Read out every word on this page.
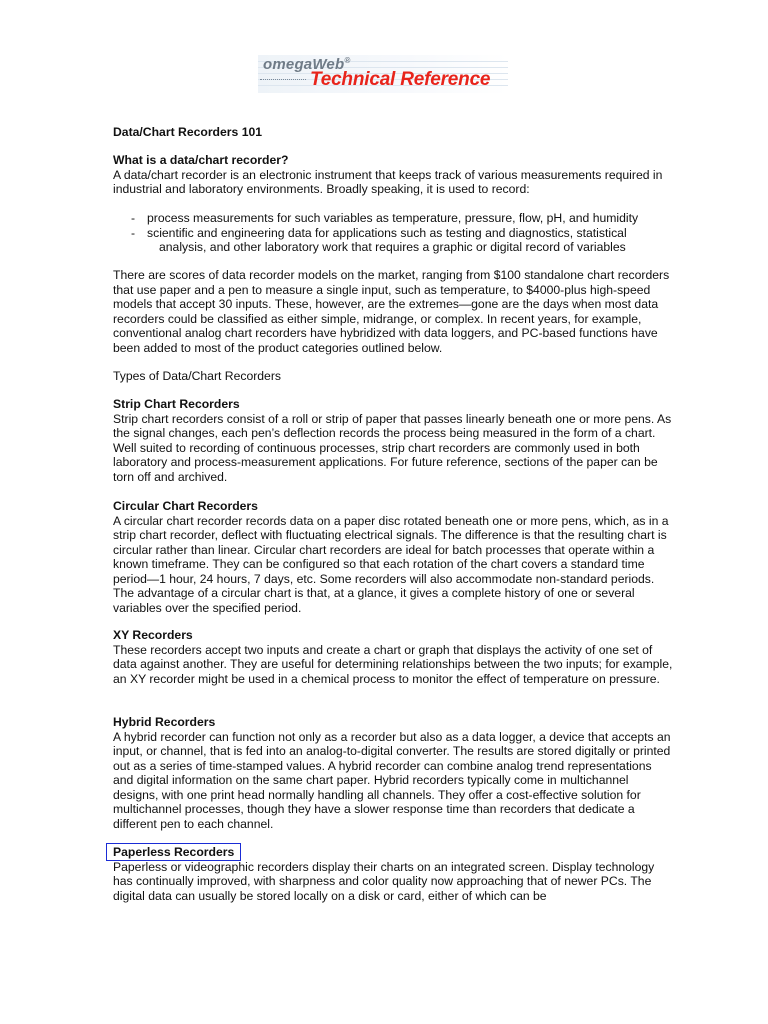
omegaWeb®
Technical Reference
Data/Chart Recorders 101
What is a data/chart recorder?

A data/chart recorder is an electronic instrument that keeps track of various measurements required in industrial and laboratory environments. Broadly speaking, it is used to record:

- process measurements for such variables as temperature, pressure, flow, pH, and humidity
- scientific and engineering data for applications such as testing and diagnostics, statistical
analysis, and other laboratory work that requires a graphic or digital record of variables

There are scores of data recorder models on the market, ranging from $100 standalone chart recorders that use paper and a pen to measure a single input, such as temperature, to $4000-plus high-speed models that accept 30 inputs. These, however, are the extremes—gone are the days when most data recorders could be classified as either simple, midrange, or complex. In recent years, for example, conventional analog chart recorders have hybridized with data loggers, and PC-based functions have been added to most of the product categories outlined below.

Types of Data/Chart Recorders
Strip Chart Recorders

Strip chart recorders consist of a roll or strip of paper that passes linearly beneath one or more pens. As the signal changes, each pen’s deflection records the process being measured in the form of a chart. Well suited to recording of continuous processes, strip chart recorders are commonly used in both laboratory and process-measurement applications. For future reference, sections of the paper can be torn off and archived.

Circular Chart Recorders

A circular chart recorder records data on a paper disc rotated beneath one or more pens, which, as in a strip chart recorder, deflect with fluctuating electrical signals. The difference is that the resulting chart is circular rather than linear. Circular chart recorders are ideal for batch processes that operate within a known timeframe. They can be configured so that each rotation of the chart covers a standard time period—1 hour, 24 hours, 7 days, etc. Some recorders will also accommodate non-standard periods. The advantage of a circular chart is that, at a glance, it gives a complete history of one or several variables over the specified period.

XY Recorders

These recorders accept two inputs and create a chart or graph that displays the activity of one set of data against another. They are useful for determining relationships between the two inputs; for example, an XY recorder might be used in a chemical process to monitor the effect of temperature on pressure.

Hybrid Recorders

A hybrid recorder can function not only as a recorder but also as a data logger, a device that accepts an input, or channel, that is fed into an analog-to-digital converter. The results are stored digitally or printed out as a series of time-stamped values. A hybrid recorder can combine analog trend representations and digital information on the same chart paper. Hybrid recorders typically come in multichannel designs, with one print head normally handling all channels. They offer a cost-effective solution for multichannel processes, though they have a slower response time than recorders that dedicate a different pen to each channel.

Paperless Recorders

Paperless or videographic recorders display their charts on an integrated screen. Display technology has continually improved, with sharpness and color quality now approaching that of newer PCs. The digital data can usually be stored locally on a disk or card, either of which can be
